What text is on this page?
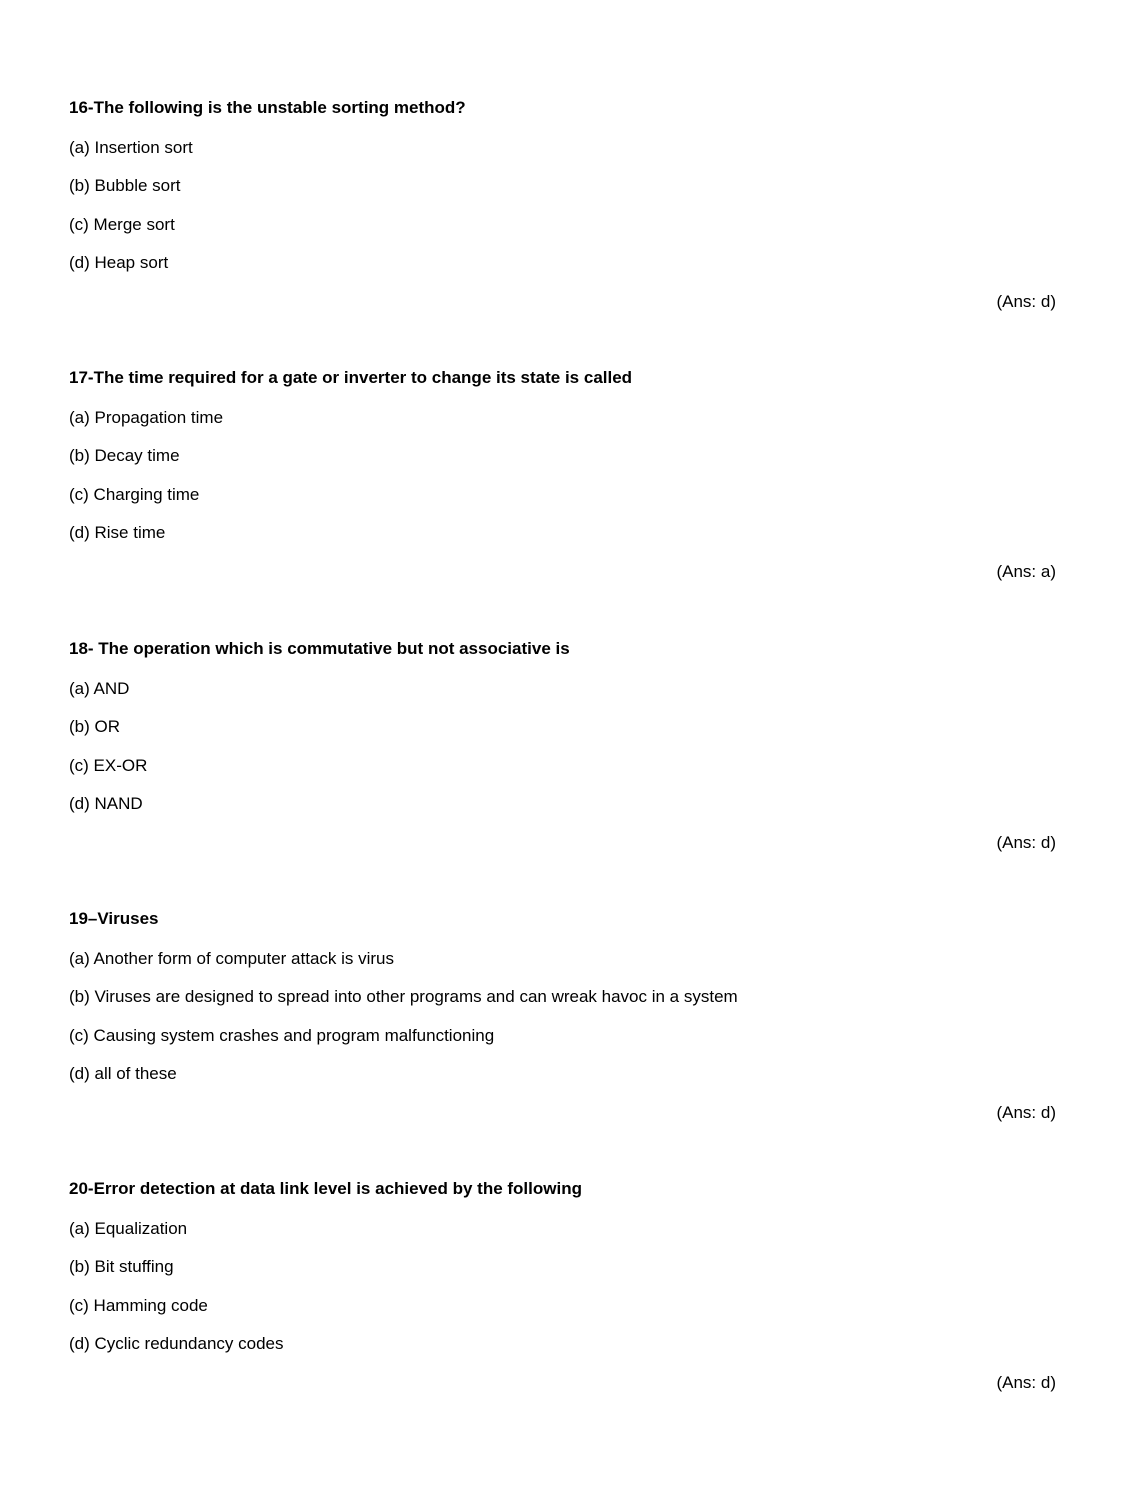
16-The following is the unstable sorting method?
(a) Insertion sort
(b) Bubble sort
(c) Merge sort
(d) Heap sort
(Ans: d)
17-The time required for a gate or inverter to change its state is called
(a) Propagation time
(b) Decay time
(c) Charging time
(d) Rise time
(Ans: a)
18- The operation which is commutative but not associative is
(a) AND
(b) OR
(c) EX-OR
(d) NAND
(Ans: d)
19–Viruses
(a) Another form of computer attack is virus
(b) Viruses are designed to spread into other programs and can wreak havoc in a system
(c) Causing system crashes and program malfunctioning
(d) all of these
(Ans: d)
20-Error detection at data link level is achieved by the following
(a) Equalization
(b) Bit stuffing
(c) Hamming code
(d) Cyclic redundancy codes
(Ans: d)
